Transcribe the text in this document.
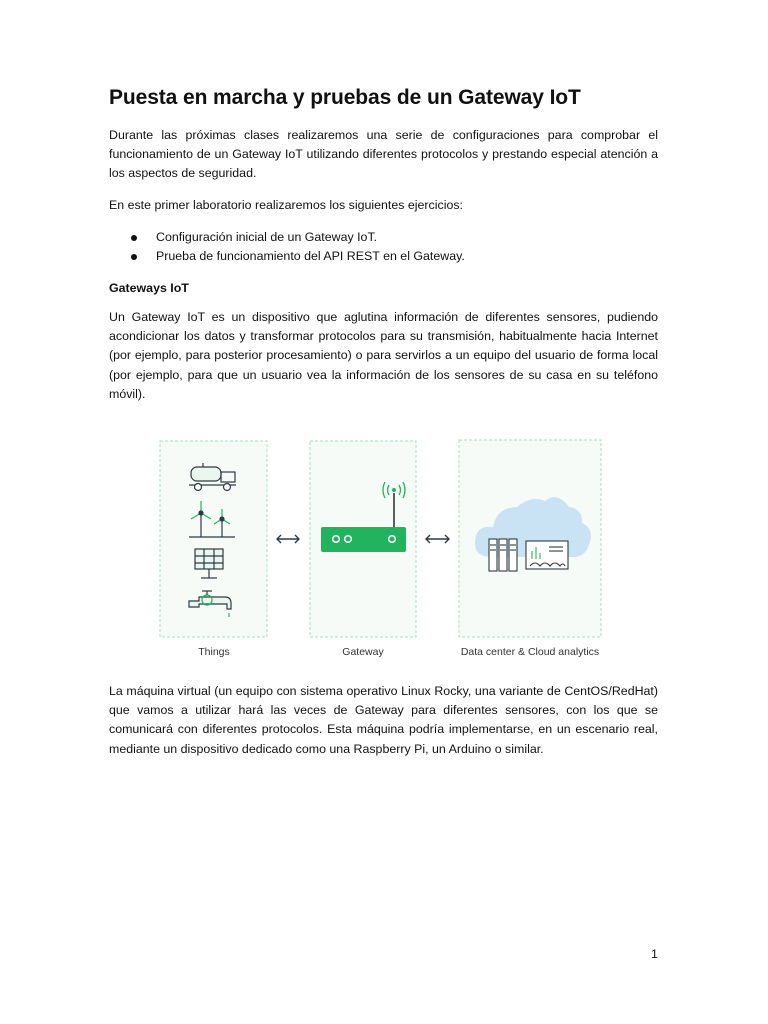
Puesta en marcha y pruebas de un Gateway IoT

Durante las próximas clases realizaremos una serie de configuraciones para comprobar el funcionamiento de un Gateway IoT utilizando diferentes protocolos y prestando especial atención a los aspectos de seguridad.

En este primer laboratorio realizaremos los siguientes ejercicios:

Configuración inicial de un Gateway IoT.
Prueba de funcionamiento del API REST en el Gateway.

Gateways IoT

Un Gateway IoT es un dispositivo que aglutina información de diferentes sensores, pudiendo acondicionar los datos y transformar protocolos para su transmisión, habitualmente hacia Internet (por ejemplo, para posterior procesamiento) o para servirlos a un equipo del usuario de forma local (por ejemplo, para que un usuario vea la información de los sensores de su casa en su teléfono móvil).

Things	Gateway	Data center & Cloud analytics

La máquina virtual (un equipo con sistema operativo Linux Rocky, una variante de CentOS/RedHat) que vamos a utilizar hará las veces de Gateway para diferentes sensores, con los que se comunicará con diferentes protocolos. Esta máquina podría implementarse, en un escenario real, mediante un dispositivo dedicado como una Raspberry Pi, un Arduino o similar.

1
